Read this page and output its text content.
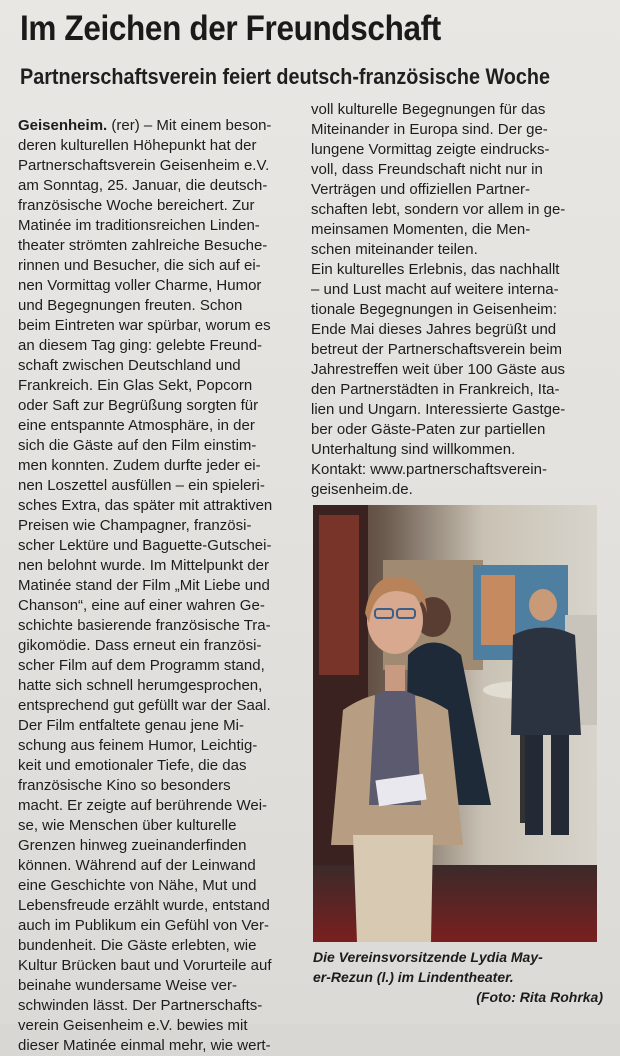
Im Zeichen der Freundschaft
Partnerschaftsverein feiert deutsch-französische Woche
Geisenheim. (rer) – Mit einem beson-
deren kulturellen Höhepunkt hat der
Partnerschaftsverein Geisenheim e.V.
am Sonntag, 25. Januar, die deutsch-
französische Woche bereichert. Zur
Matinée im traditionsreichen Linden-
theater strömten zahlreiche Besuche-
rinnen und Besucher, die sich auf ei-
nen Vormittag voller Charme, Humor
und Begegnungen freuten. Schon
beim Eintreten war spürbar, worum es
an diesem Tag ging: gelebte Freund-
schaft zwischen Deutschland und
Frankreich. Ein Glas Sekt, Popcorn
oder Saft zur Begrüßung sorgten für
eine entspannte Atmosphäre, in der
sich die Gäste auf den Film einstim-
men konnten. Zudem durfte jeder ei-
nen Loszettel ausfüllen – ein spieleri-
sches Extra, das später mit attraktiven
Preisen wie Champagner, französi-
scher Lektüre und Baguette-Gutschei-
nen belohnt wurde. Im Mittelpunkt der
Matinée stand der Film „Mit Liebe und
Chanson“, eine auf einer wahren Ge-
schichte basierende französische Tra-
gikomödie. Dass erneut ein französi-
scher Film auf dem Programm stand,
hatte sich schnell herumgesprochen,
entsprechend gut gefüllt war der Saal.
Der Film entfaltete genau jene Mi-
schung aus feinem Humor, Leichtig-
keit und emotionaler Tiefe, die das
französische Kino so besonders
macht. Er zeigte auf berührende Wei-
se, wie Menschen über kulturelle
Grenzen hinweg zueinanderfinden
können. Während auf der Leinwand
eine Geschichte von Nähe, Mut und
Lebensfreude erzählt wurde, entstand
auch im Publikum ein Gefühl von Ver-
bundenheit. Die Gäste erlebten, wie
Kultur Brücken baut und Vorurteile auf
beinahe wundersame Weise ver-
schwinden lässt. Der Partnerschafts-
verein Geisenheim e.V. bewies mit
dieser Matinée einmal mehr, wie wert-
voll kulturelle Begegnungen für das
Miteinander in Europa sind. Der ge-
lungene Vormittag zeigte eindrucks-
voll, dass Freundschaft nicht nur in
Verträgen und offiziellen Partner-
schaften lebt, sondern vor allem in ge-
meinsamen Momenten, die Men-
schen miteinander teilen.
Ein kulturelles Erlebnis, das nachhallt
– und Lust macht auf weitere interna-
tionale Begegnungen in Geisenheim:
Ende Mai dieses Jahres begrüßt und
betreut der Partnerschaftsverein beim
Jahrestreffen weit über 100 Gäste aus
den Partnerstädten in Frankreich, Ita-
lien und Ungarn. Interessierte Gastge-
ber oder Gäste-Paten zur partiellen
Unterhaltung sind willkommen.
Kontakt: www.partnerschaftsverein-
geisenheim.de.
Die Vereinsvorsitzende Lydia May-
er-Rezun (l.) im Lindentheater.
(Foto: Rita Rohrka)
